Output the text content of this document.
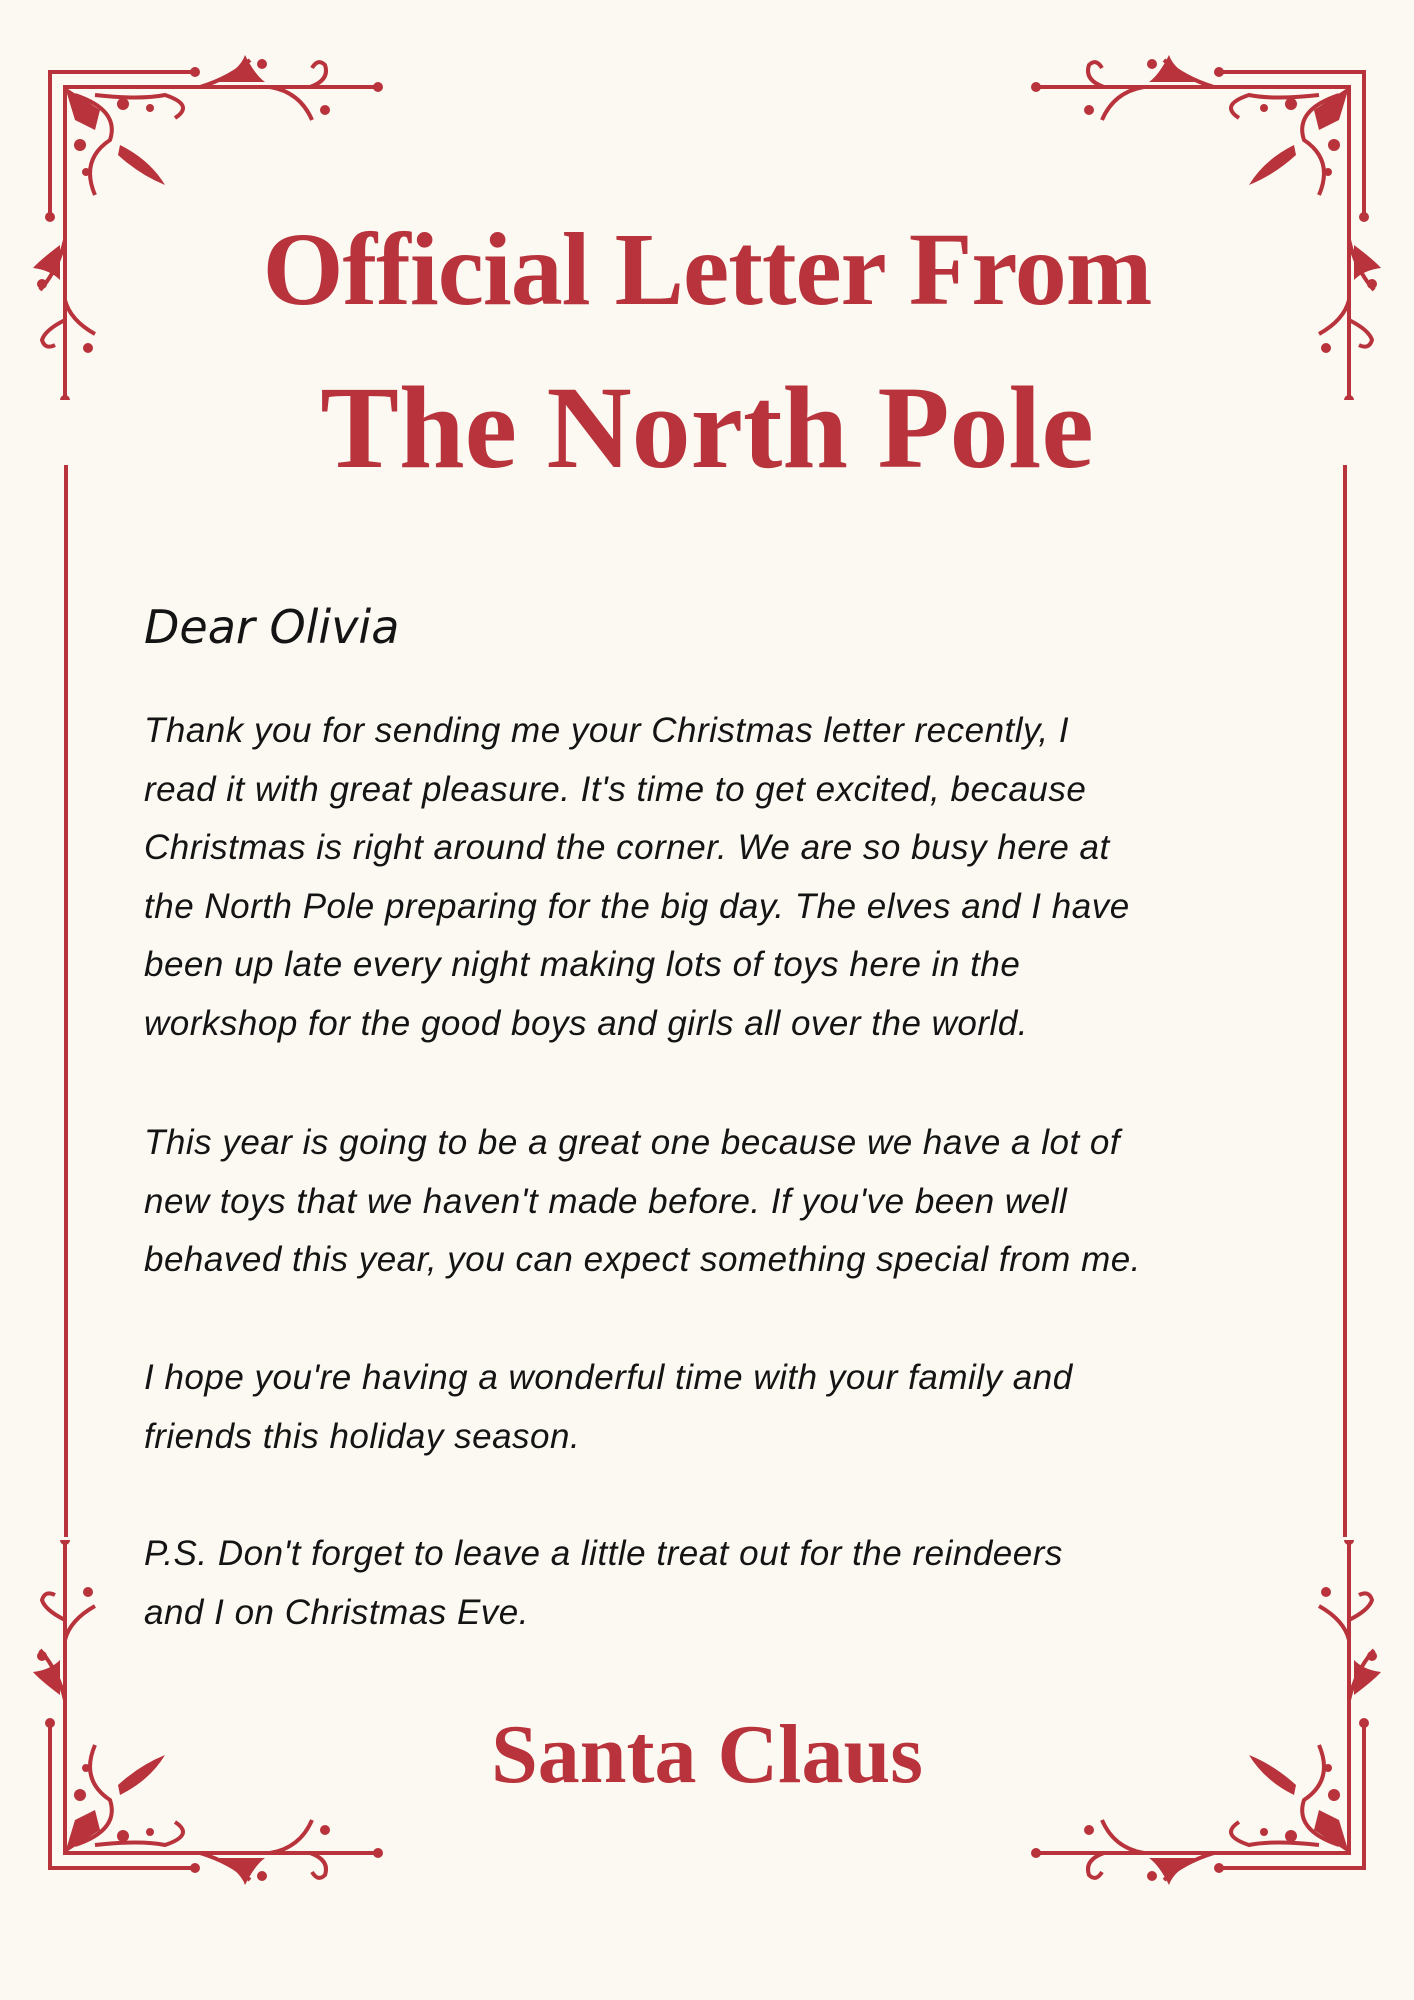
Official Letter From
The North Pole
Dear Olivia
Thank you for sending me your Christmas letter recently, I
read it with great pleasure. It's time to get excited, because
Christmas is right around the corner. We are so busy here at
the North Pole preparing for the big day. The elves and I have
been up late every night making lots of toys here in the
workshop for the good boys and girls all over the world.
This year is going to be a great one because we have a lot of
new toys that we haven't made before. If you've been well
behaved this year, you can expect something special from me.
I hope you're having a wonderful time with your family and
friends this holiday season.
P.S. Don't forget to leave a little treat out for the reindeers
and I on Christmas Eve.
Santa Claus
